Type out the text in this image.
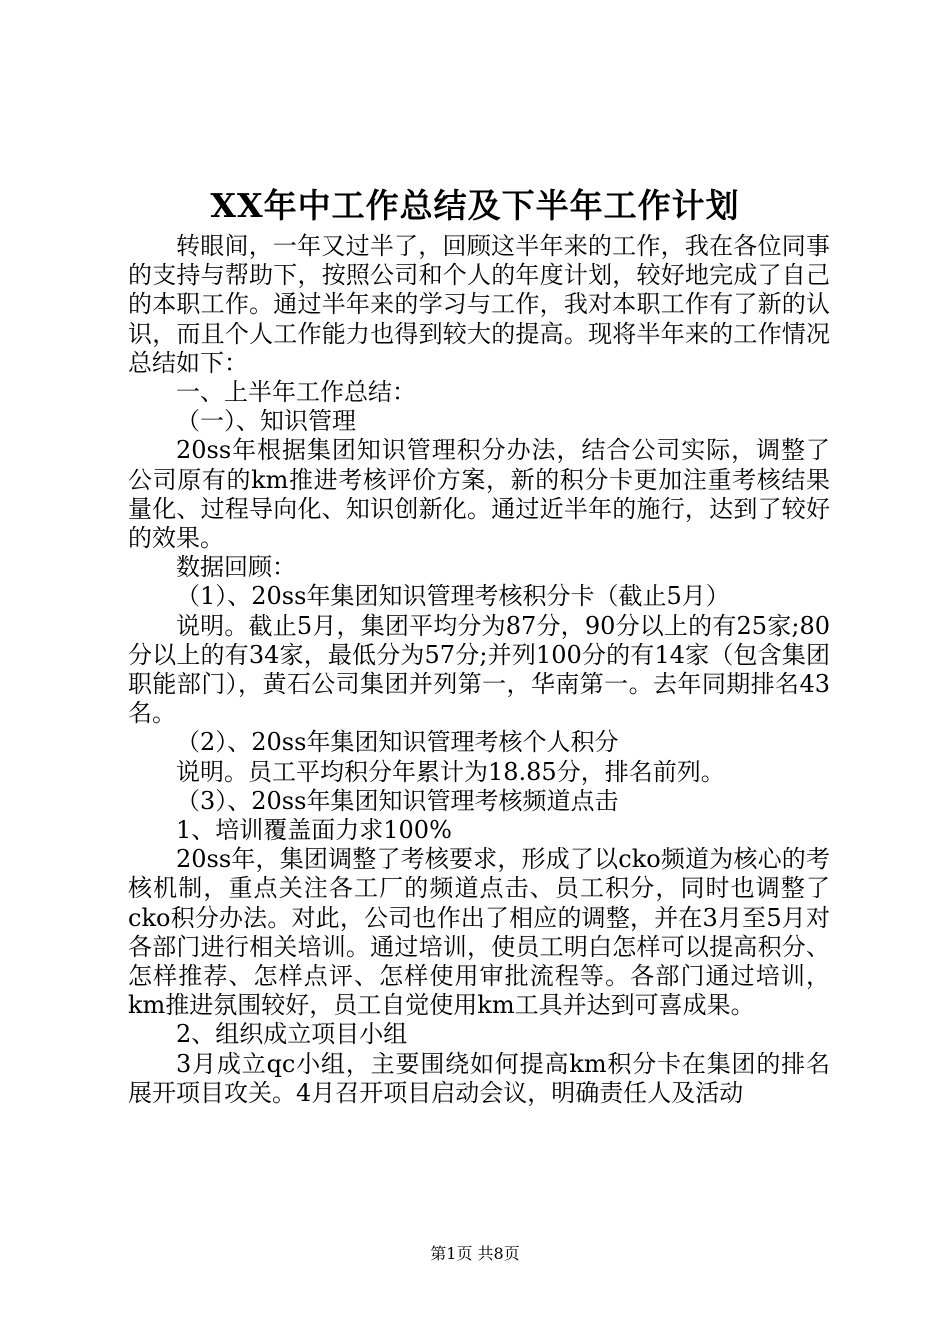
XX年中工作总结及下半年工作计划

转眼间，一年又过半了，回顾这半年来的工作，我在各位同事的支持与帮助下，按照公司和个人的年度计划，较好地完成了自己的本职工作。通过半年来的学习与工作，我对本职工作有了新的认识，而且个人工作能力也得到较大的提高。现将半年来的工作情况总结如下：

一、上半年工作总结：

（一）、知识管理

20ss年根据集团知识管理积分办法，结合公司实际，调整了公司原有的km推进考核评价方案，新的积分卡更加注重考核结果量化、过程导向化、知识创新化。通过近半年的施行，达到了较好的效果。

数据回顾：

（1）、20ss年集团知识管理考核积分卡（截止5月）

说明。截止5月，集团平均分为87分，90分以上的有25家;80分以上的有34家，最低分为57分;并列100分的有14家（包含集团职能部门），黄石公司集团并列第一，华南第一。去年同期排名43名。

（2）、20ss年集团知识管理考核个人积分

说明。员工平均积分年累计为18.85分，排名前列。

（3）、20ss年集团知识管理考核频道点击

1、培训覆盖面力求100%

20ss年，集团调整了考核要求，形成了以cko频道为核心的考核机制，重点关注各工厂的频道点击、员工积分，同时也调整了cko积分办法。对此，公司也作出了相应的调整，并在3月至5月对各部门进行相关培训。通过培训，使员工明白怎样可以提高积分、怎样推荐、怎样点评、怎样使用审批流程等。各部门通过培训，km推进氛围较好，员工自觉使用km工具并达到可喜成果。

2、组织成立项目小组

3月成立qc小组，主要围绕如何提高km积分卡在集团的排名展开项目攻关。4月召开项目启动会议，明确责任人及活动

第1页 共8页
